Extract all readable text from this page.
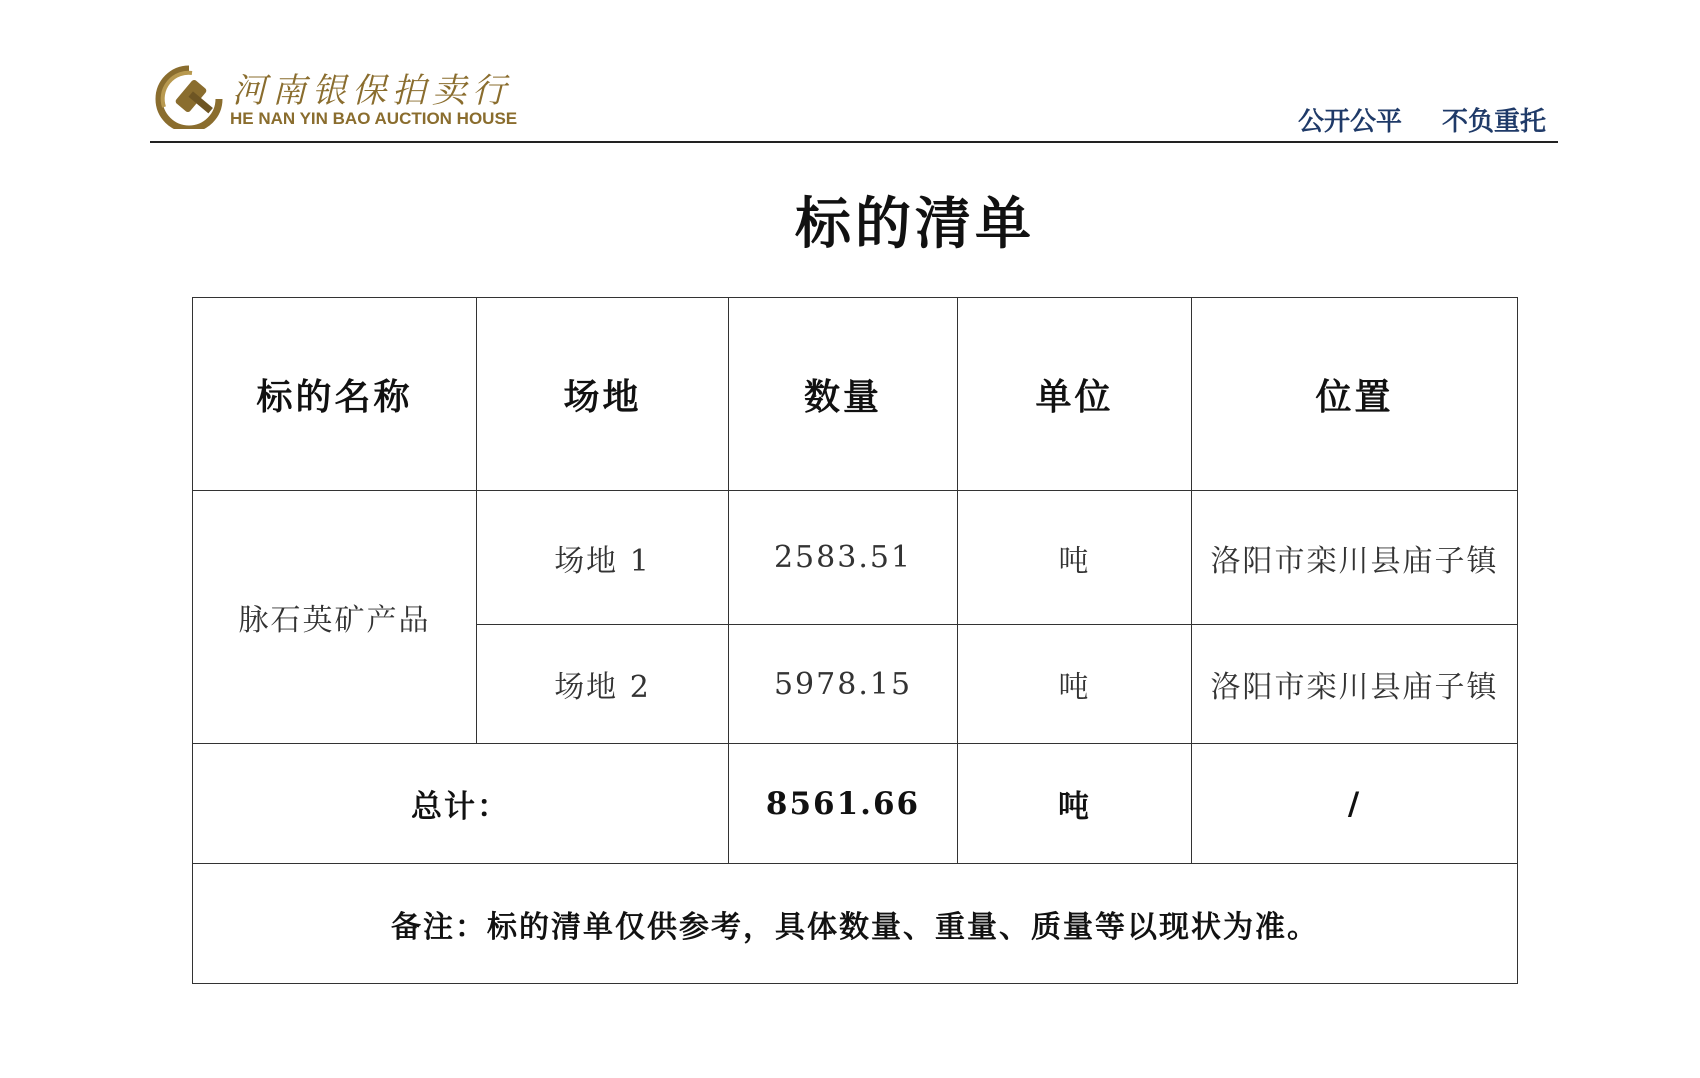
河南银保拍卖行
HE NAN YIN BAO AUCTION HOUSE	公开公平 不负重托
标的清单
标的名称	场地	数量	单位	位置
脉石英矿产品	场地 1	2583.51	吨	洛阳市栾川县庙子镇
	场地 2	5978.15	吨	洛阳市栾川县庙子镇
总计：		8561.66	吨	/
备注：标的清单仅供参考，具体数量、重量、质量等以现状为准。				
